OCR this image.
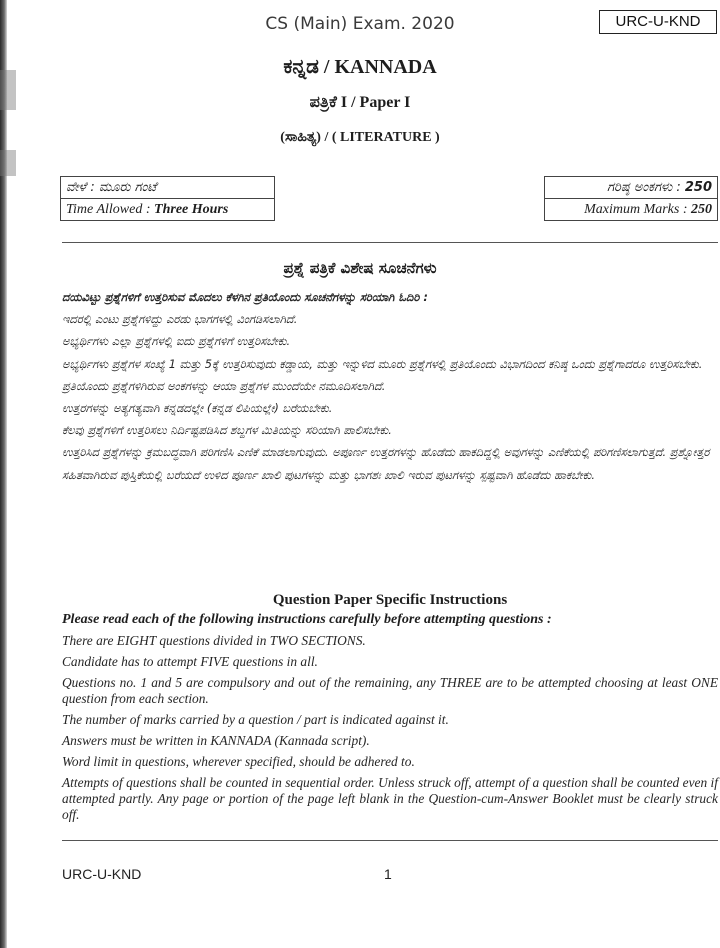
CS (Main) Exam. 2020	URC-U-KND
ಕನ್ನಡ / KANNADA
ಪತ್ರಿಕೆ I / Paper I
(ಸಾಹಿತ್ಯ) / ( LITERATURE )
ವೇಳೆ : ಮೂರು ಗಂಟೆ
Time Allowed : Three Hours
ಗರಿಷ್ಠ ಅಂಕಗಳು : 250
Maximum Marks : 250
ಪ್ರಶ್ನೆ ಪತ್ರಿಕೆ ವಿಶೇಷ ಸೂಚನೆಗಳು
ದಯವಿಟ್ಟು ಪ್ರಶ್ನೆಗಳಿಗೆ ಉತ್ತರಿಸುವ ಮೊದಲು ಕೆಳಗಿನ ಪ್ರತಿಯೊಂದು ಸೂಚನೆಗಳನ್ನು ಸರಿಯಾಗಿ ಓದಿರಿ :
ಇದರಲ್ಲಿ ಎಂಟು ಪ್ರಶ್ನೆಗಳಿದ್ದು ಎರಡು ಭಾಗಗಳಲ್ಲಿ ವಿಂಗಡಿಸಲಾಗಿದೆ.
ಅಭ್ಯರ್ಥಿಗಳು ಎಲ್ಲಾ ಪ್ರಶ್ನೆಗಳಲ್ಲಿ ಐದು ಪ್ರಶ್ನೆಗಳಿಗೆ ಉತ್ತರಿಸಬೇಕು.
ಅಭ್ಯರ್ಥಿಗಳು ಪ್ರಶ್ನೆಗಳ ಸಂಖ್ಯೆ 1 ಮತ್ತು 5ಕ್ಕೆ ಉತ್ತರಿಸುವುದು ಕಡ್ಡಾಯ, ಮತ್ತು ಇನ್ನುಳಿದ ಮೂರು ಪ್ರಶ್ನೆಗಳಲ್ಲಿ ಪ್ರತಿಯೊಂದು ವಿಭಾಗದಿಂದ ಕನಿಷ್ಠ ಒಂದು ಪ್ರಶ್ನೆಗಾದರೂ ಉತ್ತರಿಸಬೇಕು.
ಪ್ರತಿಯೊಂದು ಪ್ರಶ್ನೆಗಳಿಗಿರುವ ಅಂಕಗಳನ್ನು ಆಯಾ ಪ್ರಶ್ನೆಗಳ ಮುಂದೆಯೇ ನಮೂದಿಸಲಾಗಿದೆ.
ಉತ್ತರಗಳನ್ನು ಅತ್ಯಗತ್ಯವಾಗಿ ಕನ್ನಡದಲ್ಲೇ (ಕನ್ನಡ ಲಿಪಿಯಲ್ಲೇ) ಬರೆಯಬೇಕು.
ಕೆಲವು ಪ್ರಶ್ನೆಗಳಿಗೆ ಉತ್ತರಿಸಲು ನಿರ್ದಿಷ್ಟಪಡಿಸಿದ ಶಬ್ದಗಳ ಮಿತಿಯನ್ನು ಸರಿಯಾಗಿ ಪಾಲಿಸಬೇಕು.
ಉತ್ತರಿಸಿದ ಪ್ರಶ್ನೆಗಳನ್ನು ಕ್ರಮಬದ್ಧವಾಗಿ ಪರಿಗಣಿಸಿ ಎಣಿಕೆ ಮಾಡಲಾಗುವುದು. ಅಪೂರ್ಣ ಉತ್ತರಗಳನ್ನು ಹೊಡೆದು ಹಾಕದಿದ್ದಲ್ಲಿ ಅವುಗಳನ್ನು ಎಣಿಕೆಯಲ್ಲಿ ಪರಿಗಣಿಸಲಾಗುತ್ತದೆ. ಪ್ರಶ್ನೋತ್ತರ ಸಹಿತವಾಗಿರುವ ಪುಸ್ತಿಕೆಯಲ್ಲಿ ಬರೆಯದೆ ಉಳಿದ ಪೂರ್ಣ ಖಾಲಿ ಪುಟಗಳನ್ನು ಮತ್ತು ಭಾಗಶಃ ಖಾಲಿ ಇರುವ ಪುಟಗಳನ್ನು ಸ್ಪಷ್ಟವಾಗಿ ಹೊಡೆದು ಹಾಕಬೇಕು.
Question Paper Specific Instructions
Please read each of the following instructions carefully before attempting questions :
There are EIGHT questions divided in TWO SECTIONS.
Candidate has to attempt FIVE questions in all.
Questions no. 1 and 5 are compulsory and out of the remaining, any THREE are to be attempted choosing at least ONE question from each section.
The number of marks carried by a question / part is indicated against it.
Answers must be written in KANNADA (Kannada script).
Word limit in questions, wherever specified, should be adhered to.
Attempts of questions shall be counted in sequential order. Unless struck off, attempt of a question shall be counted even if attempted partly. Any page or portion of the page left blank in the Question-cum-Answer Booklet must be clearly struck off.
URC-U-KND	1
